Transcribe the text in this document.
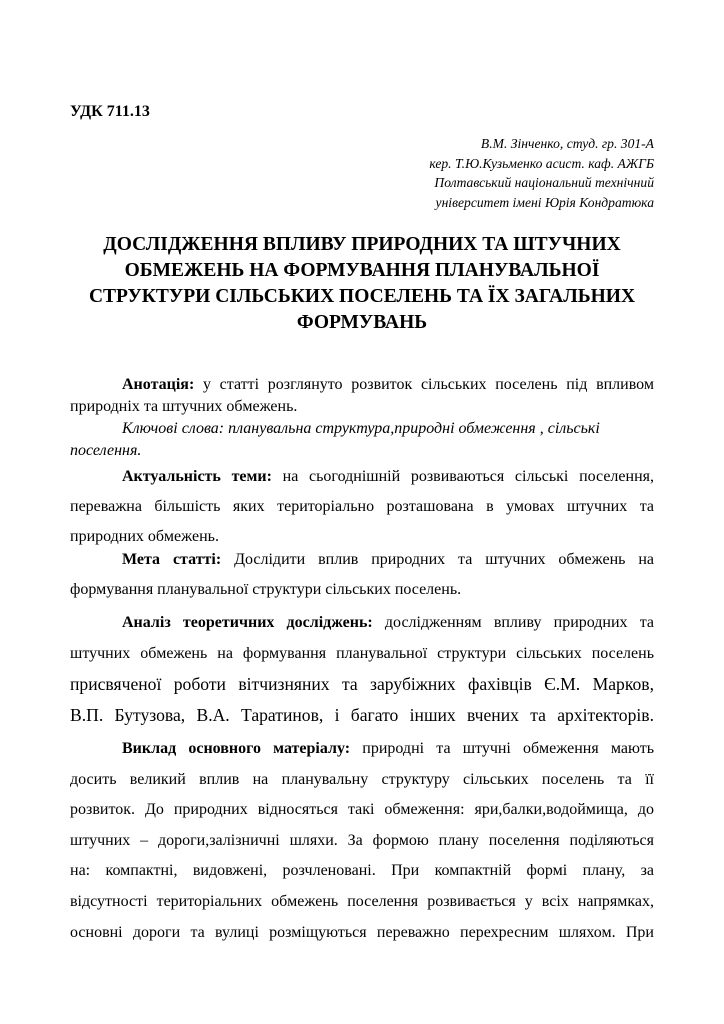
УДК 711.13
В.М. Зінченко, студ. гр. 301-А
кер. Т.Ю.Кузьменко асист. каф. АЖГБ
Полтавський національний технічний
університет імені Юрія Кондратюка
ДОСЛІДЖЕННЯ ВПЛИВУ ПРИРОДНИХ ТА ШТУЧНИХ
ОБМЕЖЕНЬ НА ФОРМУВАННЯ ПЛАНУВАЛЬНОЇ
СТРУКТУРИ СІЛЬСЬКИХ ПОСЕЛЕНЬ ТА ЇХ ЗАГАЛЬНИХ
ФОРМУВАНЬ
Анотація: у статті розглянуто розвиток сільських поселень під впливом
природніх та штучних обмежень.
Ключові слова: планувальна структура,природні обмеження , сільські
поселення.
Актуальність теми: на сьогоднішній розвиваються сільські поселення,
переважна більшість яких територіально розташована в умовах штучних та
природних обмежень.
Мета статті: Дослідити вплив природних та штучних обмежень на
формування планувальної структури сільських поселень.
Аналіз теоретичних досліджень: дослідженням впливу природних та
штучних обмежень на формування планувальної структури сільських поселень
присвяченої роботи вітчизняних та зарубіжних фахівців Є.М. Марков,
В.П. Бутузова, В.А. Таратинов, і багато інших вчених та архітекторів.
Виклад основного матеріалу: природні та штучні обмеження мають
досить великий вплив на планувальну структуру сільських поселень та її
розвиток. До природних відносяться такі обмеження: яри,балки,водоймища, до
штучних – дороги,залізничні шляхи. За формою плану поселення поділяються
на: компактні, видовжені, розчленовані. При компактній формі плану, за
відсутності територіальних обмежень поселення розвивається у всіх напрямках,
основні дороги та вулиці розміщуються переважно перехресним шляхом. При
